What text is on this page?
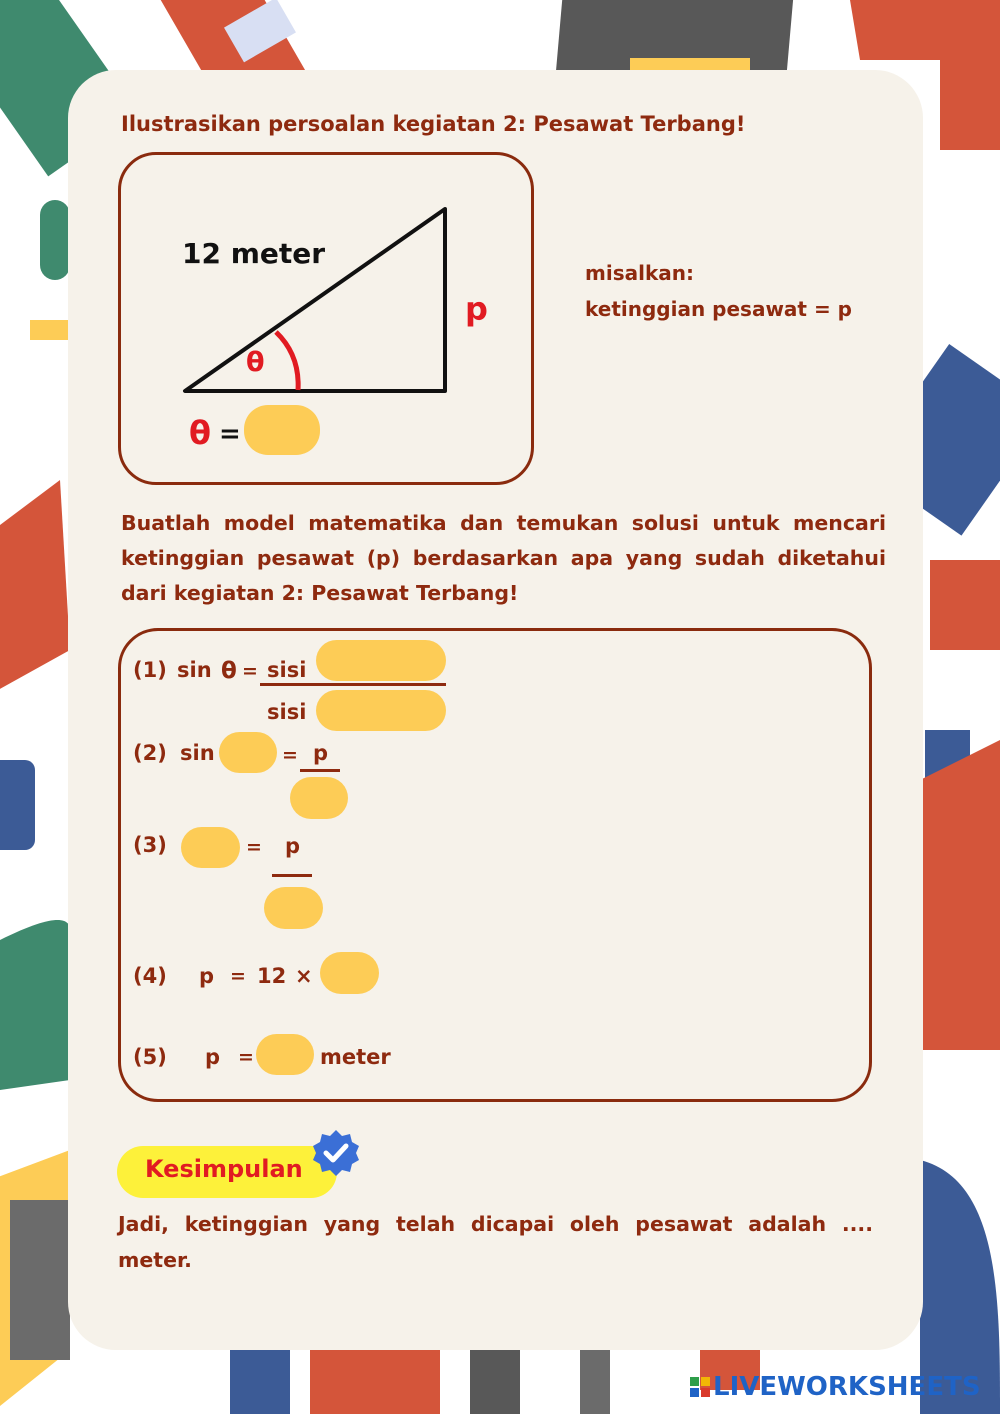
Ilustrasikan persoalan kegiatan 2: Pesawat Terbang!
12 meter
p
θ
θ =
misalkan:
ketinggian pesawat = p
Buatlah model matematika dan temukan solusi untuk mencari ketinggian pesawat (p) berdasarkan apa yang sudah diketahui dari kegiatan 2: Pesawat Terbang!
(1) sin θ = sisi
sisi
(2) sin	= p
(3)	= p
(4) p = 12 ×
(5) p =	meter
Kesimpulan
Jadi, ketinggian yang telah dicapai oleh pesawat adalah .... meter.
LIVEWORKSHEETS
